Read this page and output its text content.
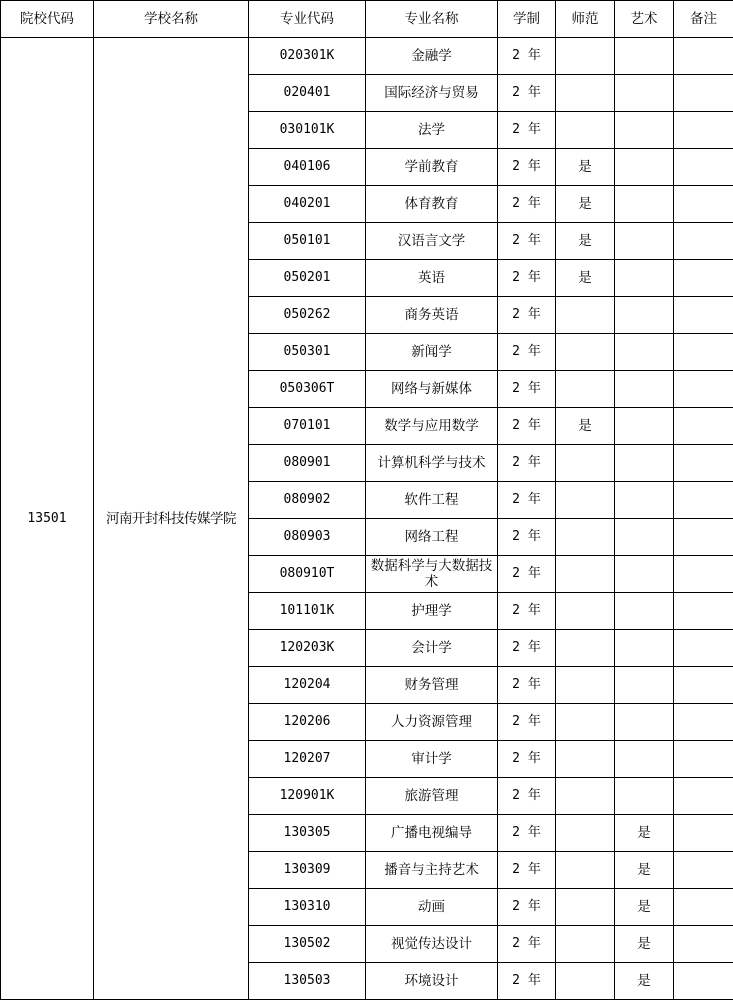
院校代码	学校名称	专业代码	专业名称	学制	师范	艺术	备注
13501	河南开封科技传媒学院	020301K	金融学	2 年			
		020401	国际经济与贸易	2 年			
		030101K	法学	2 年			
		040106	学前教育	2 年	是		
		040201	体育教育	2 年	是		
		050101	汉语言文学	2 年	是		
		050201	英语	2 年	是		
		050262	商务英语	2 年			
		050301	新闻学	2 年			
		050306T	网络与新媒体	2 年			
		070101	数学与应用数学	2 年	是		
		080901	计算机科学与技术	2 年			
		080902	软件工程	2 年			
		080903	网络工程	2 年			
		080910T	数据科学与大数据技术	2 年			
		101101K	护理学	2 年			
		120203K	会计学	2 年			
		120204	财务管理	2 年			
		120206	人力资源管理	2 年			
		120207	审计学	2 年			
		120901K	旅游管理	2 年			
		130305	广播电视编导	2 年		是	
		130309	播音与主持艺术	2 年		是	
		130310	动画	2 年		是	
		130502	视觉传达设计	2 年		是	
		130503	环境设计	2 年		是	
